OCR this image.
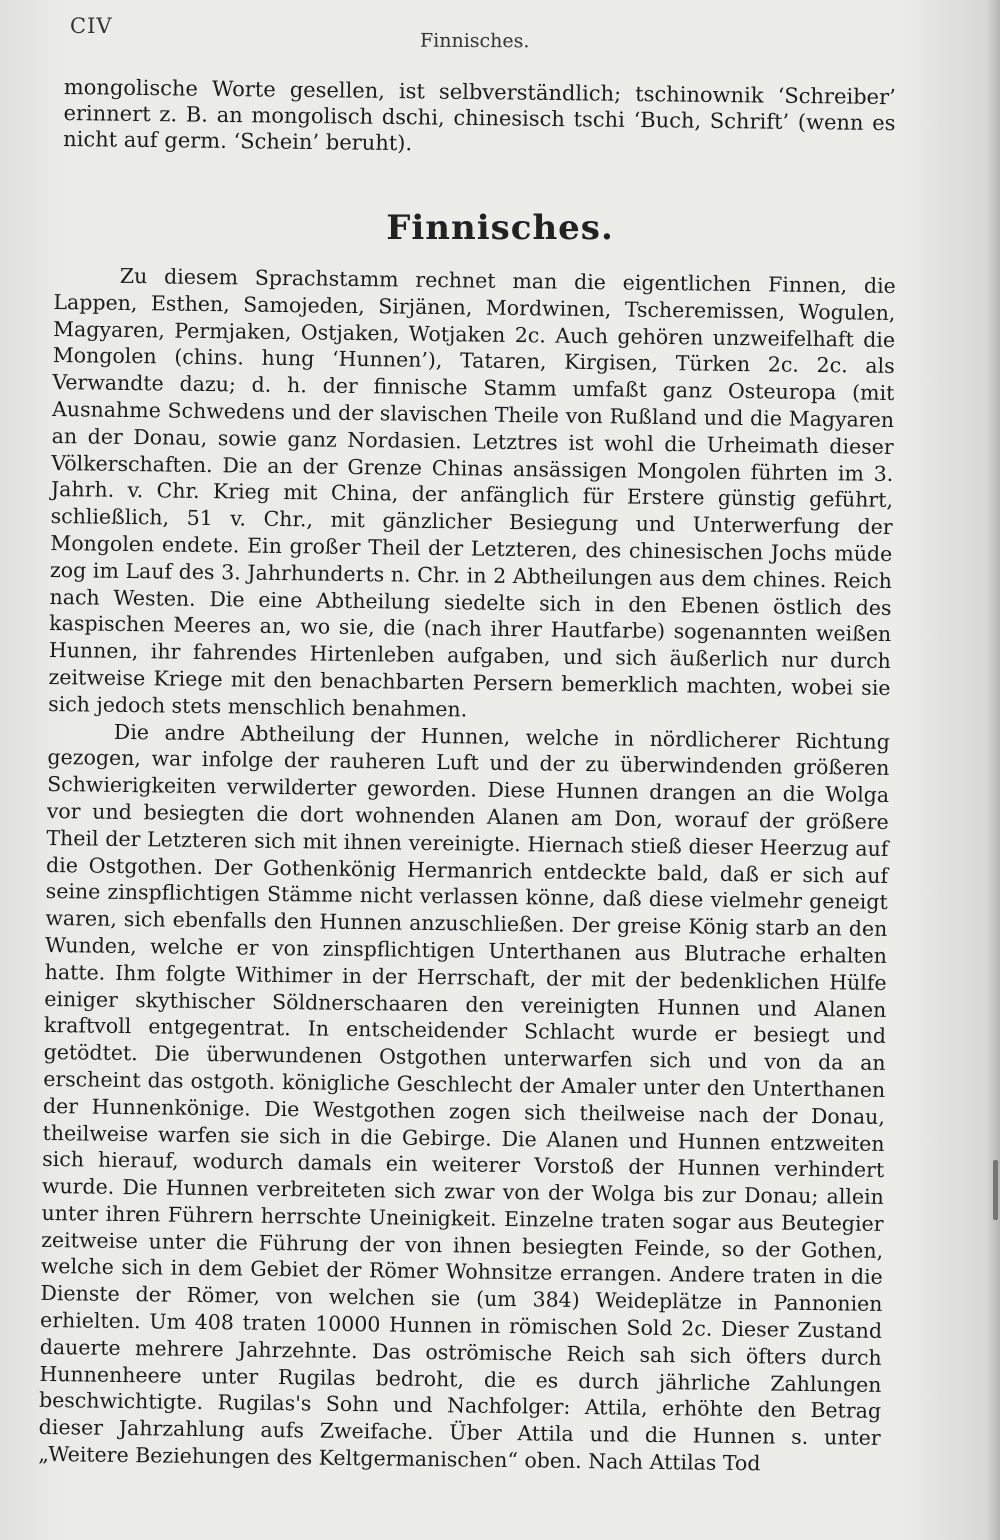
CIV
Finnisches.

mongolische Worte gesellen, ist selbverständlich; tschinownik ‘Schreiber’ erinnert z. B. an mongolisch dschi, chinesisch tschi ‘Buch, Schrift’ (wenn es nicht auf germ. ‘Schein’ beruht).

Finnisches.

Zu diesem Sprachstamm rechnet man die eigentlichen Finnen, die Lappen, Esthen, Samojeden, Sirjänen, Mordwinen, Tscheremissen, Wogulen, Magyaren, Permjaken, Ostjaken, Wotjaken 2c. Auch gehören unzweifelhaft die Mongolen (chins. hung ‘Hunnen’), Tataren, Kirgisen, Türken 2c. 2c. als Verwandte dazu; d. h. der finnische Stamm umfaßt ganz Osteuropa (mit Ausnahme Schwedens und der slavischen Theile von Rußland und die Magyaren an der Donau, sowie ganz Nordasien. Letztres ist wohl die Urheimath dieser Völkerschaften. Die an der Grenze Chinas ansässigen Mongolen führten im 3. Jahrh. v. Chr. Krieg mit China, der anfänglich für Erstere günstig geführt, schließlich, 51 v. Chr., mit gänzlicher Besiegung und Unterwerfung der Mongolen endete. Ein großer Theil der Letzteren, des chinesischen Jochs müde zog im Lauf des 3. Jahrhunderts n. Chr. in 2 Abtheilungen aus dem chines. Reich nach Westen. Die eine Abtheilung siedelte sich in den Ebenen östlich des kaspischen Meeres an, wo sie, die (nach ihrer Hautfarbe) sogenannten weißen Hunnen, ihr fahrendes Hirtenleben aufgaben, und sich äußerlich nur durch zeitweise Kriege mit den benachbarten Persern bemerklich machten, wobei sie sich jedoch stets menschlich benahmen.

Die andre Abtheilung der Hunnen, welche in nördlicherer Richtung gezogen, war infolge der rauheren Luft und der zu überwindenden größeren Schwierigkeiten verwilderter geworden. Diese Hunnen drangen an die Wolga vor und besiegten die dort wohnenden Alanen am Don, worauf der größere Theil der Letzteren sich mit ihnen vereinigte. Hiernach stieß dieser Heerzug auf die Ostgothen. Der Gothenkönig Hermanrich entdeckte bald, daß er sich auf seine zinspflichtigen Stämme nicht verlassen könne, daß diese vielmehr geneigt waren, sich ebenfalls den Hunnen anzuschließen. Der greise König starb an den Wunden, welche er von zinspflichtigen Unterthanen aus Blutrache erhalten hatte. Ihm folgte Withimer in der Herrschaft, der mit der bedenklichen Hülfe einiger skythischer Söldnerschaaren den vereinigten Hunnen und Alanen kraftvoll entgegentrat. In entscheidender Schlacht wurde er besiegt und getödtet. Die überwundenen Ostgothen unterwarfen sich und von da an erscheint das ostgoth. königliche Geschlecht der Amaler unter den Unterthanen der Hunnenkönige. Die Westgothen zogen sich theilweise nach der Donau, theilweise warfen sie sich in die Gebirge. Die Alanen und Hunnen entzweiten sich hierauf, wodurch damals ein weiterer Vorstoß der Hunnen verhindert wurde. Die Hunnen verbreiteten sich zwar von der Wolga bis zur Donau; allein unter ihren Führern herrschte Uneinigkeit. Einzelne traten sogar aus Beutegier zeitweise unter die Führung der von ihnen besiegten Feinde, so der Gothen, welche sich in dem Gebiet der Römer Wohnsitze errangen. Andere traten in die Dienste der Römer, von welchen sie (um 384) Weideplätze in Pannonien erhielten. Um 408 traten 10000 Hunnen in römischen Sold 2c. Dieser Zustand dauerte mehrere Jahrzehnte. Das oströmische Reich sah sich öfters durch Hunnenheere unter Rugilas bedroht, die es durch jährliche Zahlungen beschwichtigte. Rugilas's Sohn und Nachfolger: Attila, erhöhte den Betrag dieser Jahrzahlung aufs Zweifache. Über Attila und die Hunnen s. unter „Weitere Beziehungen des Keltgermanischen“ oben. Nach Attilas Tod
